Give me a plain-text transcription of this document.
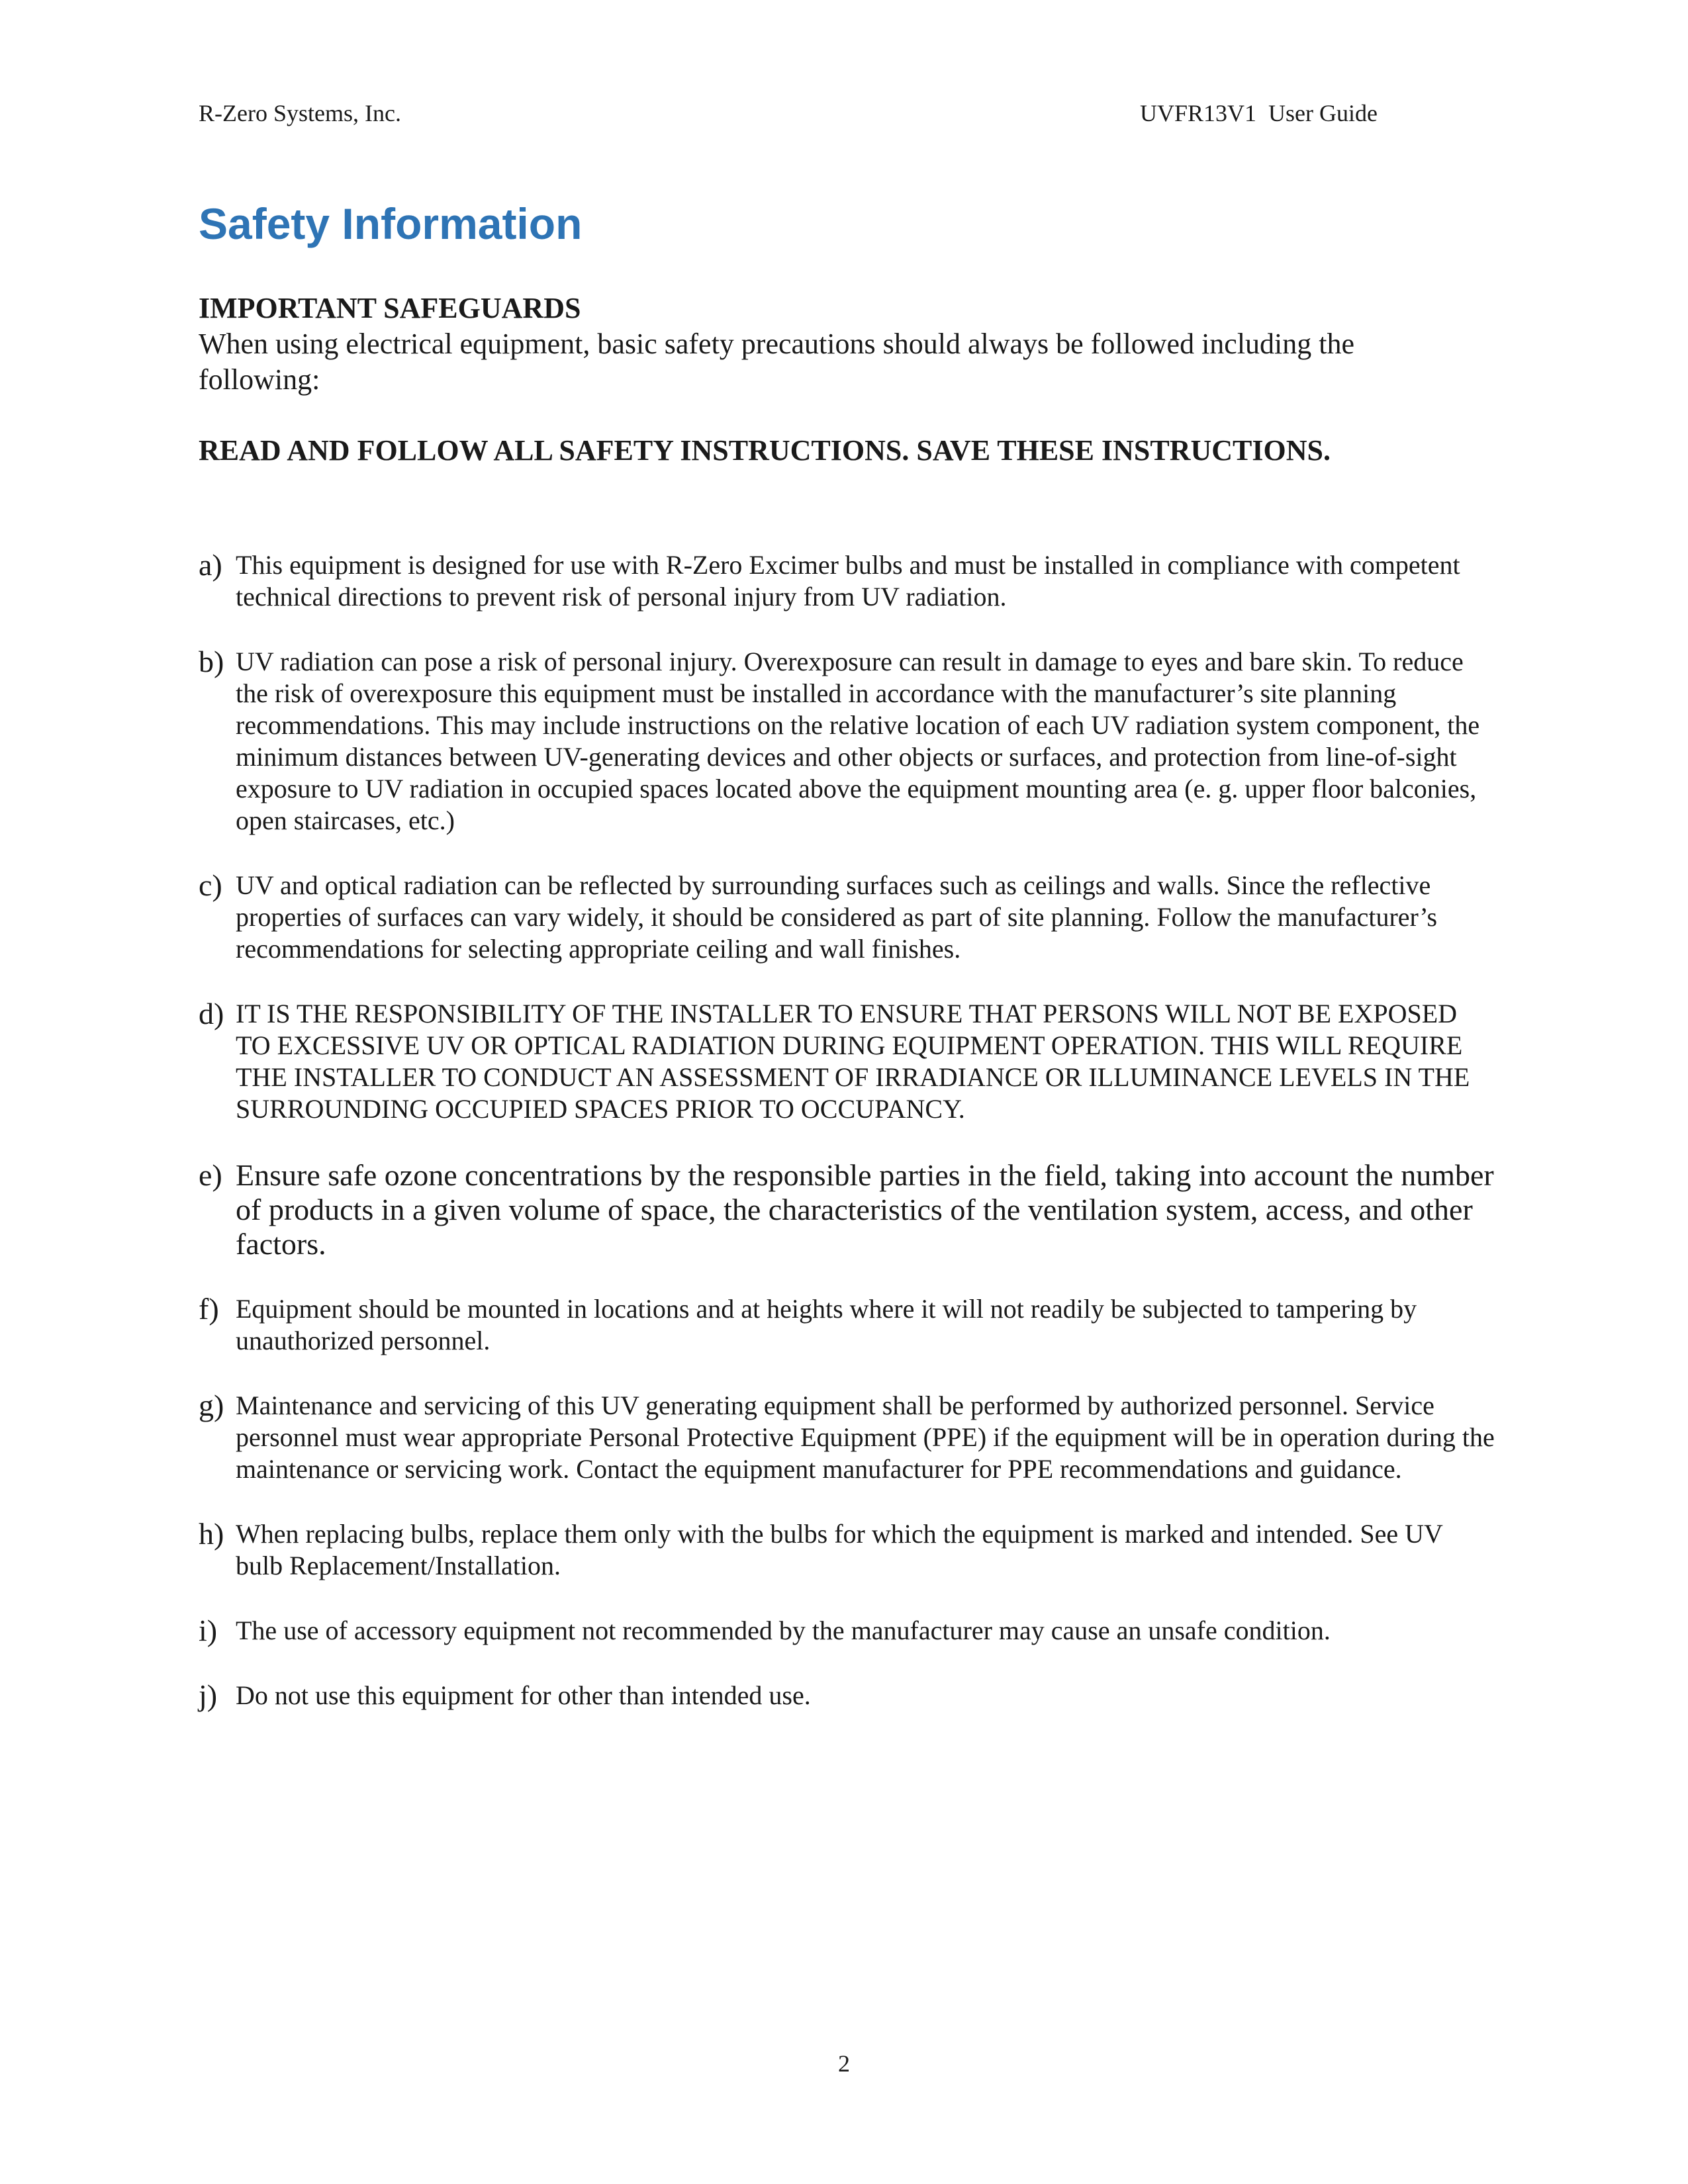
R-Zero Systems, Inc.	UVFR13V1  User Guide
Safety Information
IMPORTANT SAFEGUARDS
When using electrical equipment, basic safety precautions should always be followed including the following:
READ AND FOLLOW ALL SAFETY INSTRUCTIONS. SAVE THESE INSTRUCTIONS.
a) This equipment is designed for use with R-Zero Excimer bulbs and must be installed in compliance with competent technical directions to prevent risk of personal injury from UV radiation.
b) UV radiation can pose a risk of personal injury. Overexposure can result in damage to eyes and bare skin. To reduce the risk of overexposure this equipment must be installed in accordance with the manufacturer’s site planning recommendations. This may include instructions on the relative location of each UV radiation system component, the minimum distances between UV-generating devices and other objects or surfaces, and protection from line-of-sight exposure to UV radiation in occupied spaces located above the equipment mounting area (e. g. upper floor balconies, open staircases, etc.)
c) UV and optical radiation can be reflected by surrounding surfaces such as ceilings and walls. Since the reflective properties of surfaces can vary widely, it should be considered as part of site planning. Follow the manufacturer’s recommendations for selecting appropriate ceiling and wall finishes.
d) IT IS THE RESPONSIBILITY OF THE INSTALLER TO ENSURE THAT PERSONS WILL NOT BE EXPOSED TO EXCESSIVE UV OR OPTICAL RADIATION DURING EQUIPMENT OPERATION. THIS WILL REQUIRE THE INSTALLER TO CONDUCT AN ASSESSMENT OF IRRADIANCE OR ILLUMINANCE LEVELS IN THE SURROUNDING OCCUPIED SPACES PRIOR TO OCCUPANCY.
e) Ensure safe ozone concentrations by the responsible parties in the field, taking into account the number of products in a given volume of space, the characteristics of the ventilation system, access, and other factors.
f) Equipment should be mounted in locations and at heights where it will not readily be subjected to tampering by unauthorized personnel.
g) Maintenance and servicing of this UV generating equipment shall be performed by authorized personnel. Service personnel must wear appropriate Personal Protective Equipment (PPE) if the equipment will be in operation during the maintenance or servicing work. Contact the equipment manufacturer for PPE recommendations and guidance.
h) When replacing bulbs, replace them only with the bulbs for which the equipment is marked and intended. See UV bulb Replacement/Installation.
i) The use of accessory equipment not recommended by the manufacturer may cause an unsafe condition.
j) Do not use this equipment for other than intended use.
2
